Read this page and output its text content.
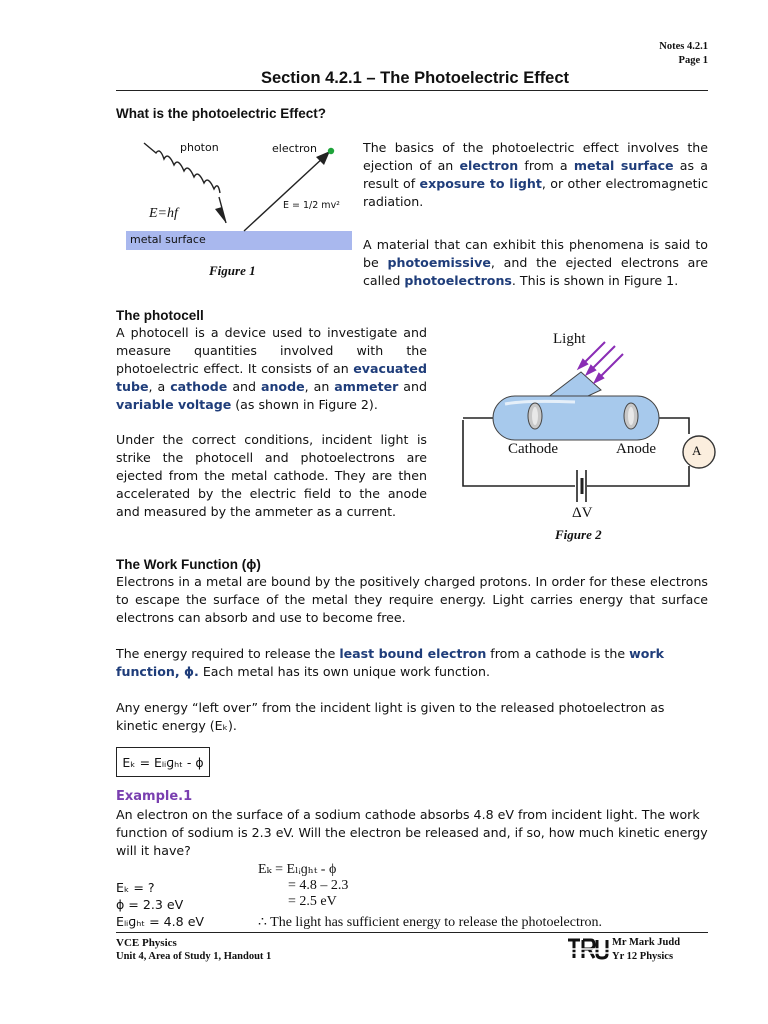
Notes 4.2.1
Page 1
Section 4.2.1 – The Photoelectric Effect
What is the photoelectric Effect?
photon	electron
E=hf
E = 1/2 mv²
metal surface
Figure 1
The basics of the photoelectric effect involves the ejection of an electron from a metal surface as a result of exposure to light, or other electromagnetic radiation.
A material that can exhibit this phenomena is said to be photoemissive, and the ejected electrons are called photoelectrons. This is shown in Figure 1.
The photocell
A photocell is a device used to investigate and measure quantities involved with the photoelectric effect. It consists of an evacuated tube, a cathode and anode, an ammeter and variable voltage (as shown in Figure 2).
Under the correct conditions, incident light is strike the photocell and photoelectrons are ejected from the metal cathode. They are then accelerated by the electric field to the anode and measured by the ammeter as a current.
Light
Cathode	Anode	A
ΔV
Figure 2
The Work Function (ϕ)
Electrons in a metal are bound by the positively charged protons. In order for these electrons to escape the surface of the metal they require energy. Light carries energy that surface electrons can absorb and use to become free.
The energy required to release the least bound electron from a cathode is the work function, ϕ. Each metal has its own unique work function.
Any energy “left over” from the incident light is given to the released photoelectron as kinetic energy (Eₖ).
Eₖ = Eₗᵢɡₕₜ - ϕ
Example.1
An electron on the surface of a sodium cathode absorbs 4.8 eV from incident light. The work function of sodium is 2.3 eV. Will the electron be released and, if so, how much kinetic energy will it have?
Eₖ = ?
ϕ = 2.3 eV
Eₗᵢɡₕₜ = 4.8 eV
Eₖ = Eₗᵢɡₕₜ - ϕ
= 4.8 – 2.3
= 2.5 eV
∴ The light has sufficient energy to release the photoelectron.
VCE Physics
Unit 4, Area of Study 1, Handout 1
Mr Mark Judd
Yr 12 Physics
